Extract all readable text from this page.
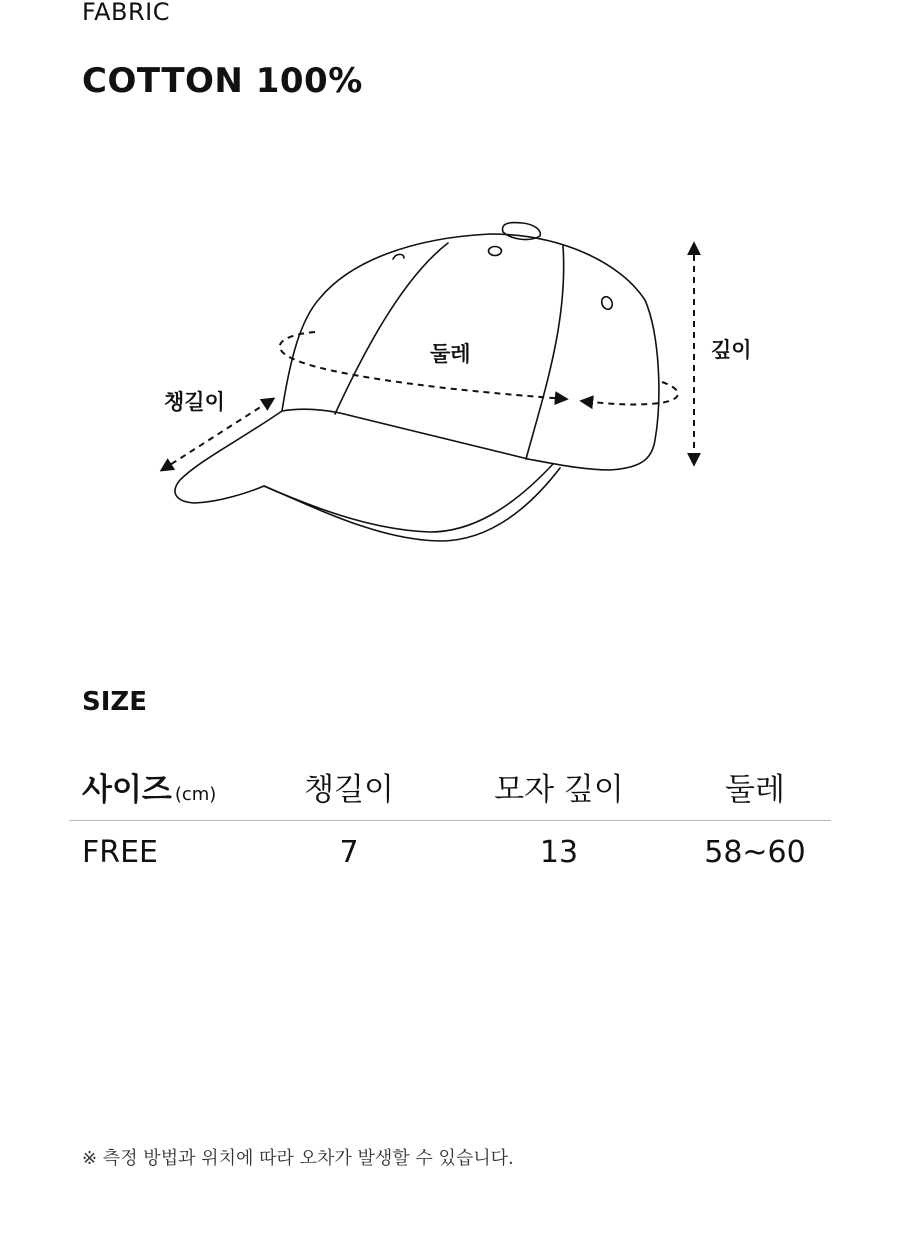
FABRIC
COTTON 100%
둘레
챙길이
깊이
SIZE
사이즈 (cm)	챙길이	모자 깊이	둘레
FREE	7	13	58~60
※ 측정 방법과 위치에 따라 오차가 발생할 수 있습니다.
